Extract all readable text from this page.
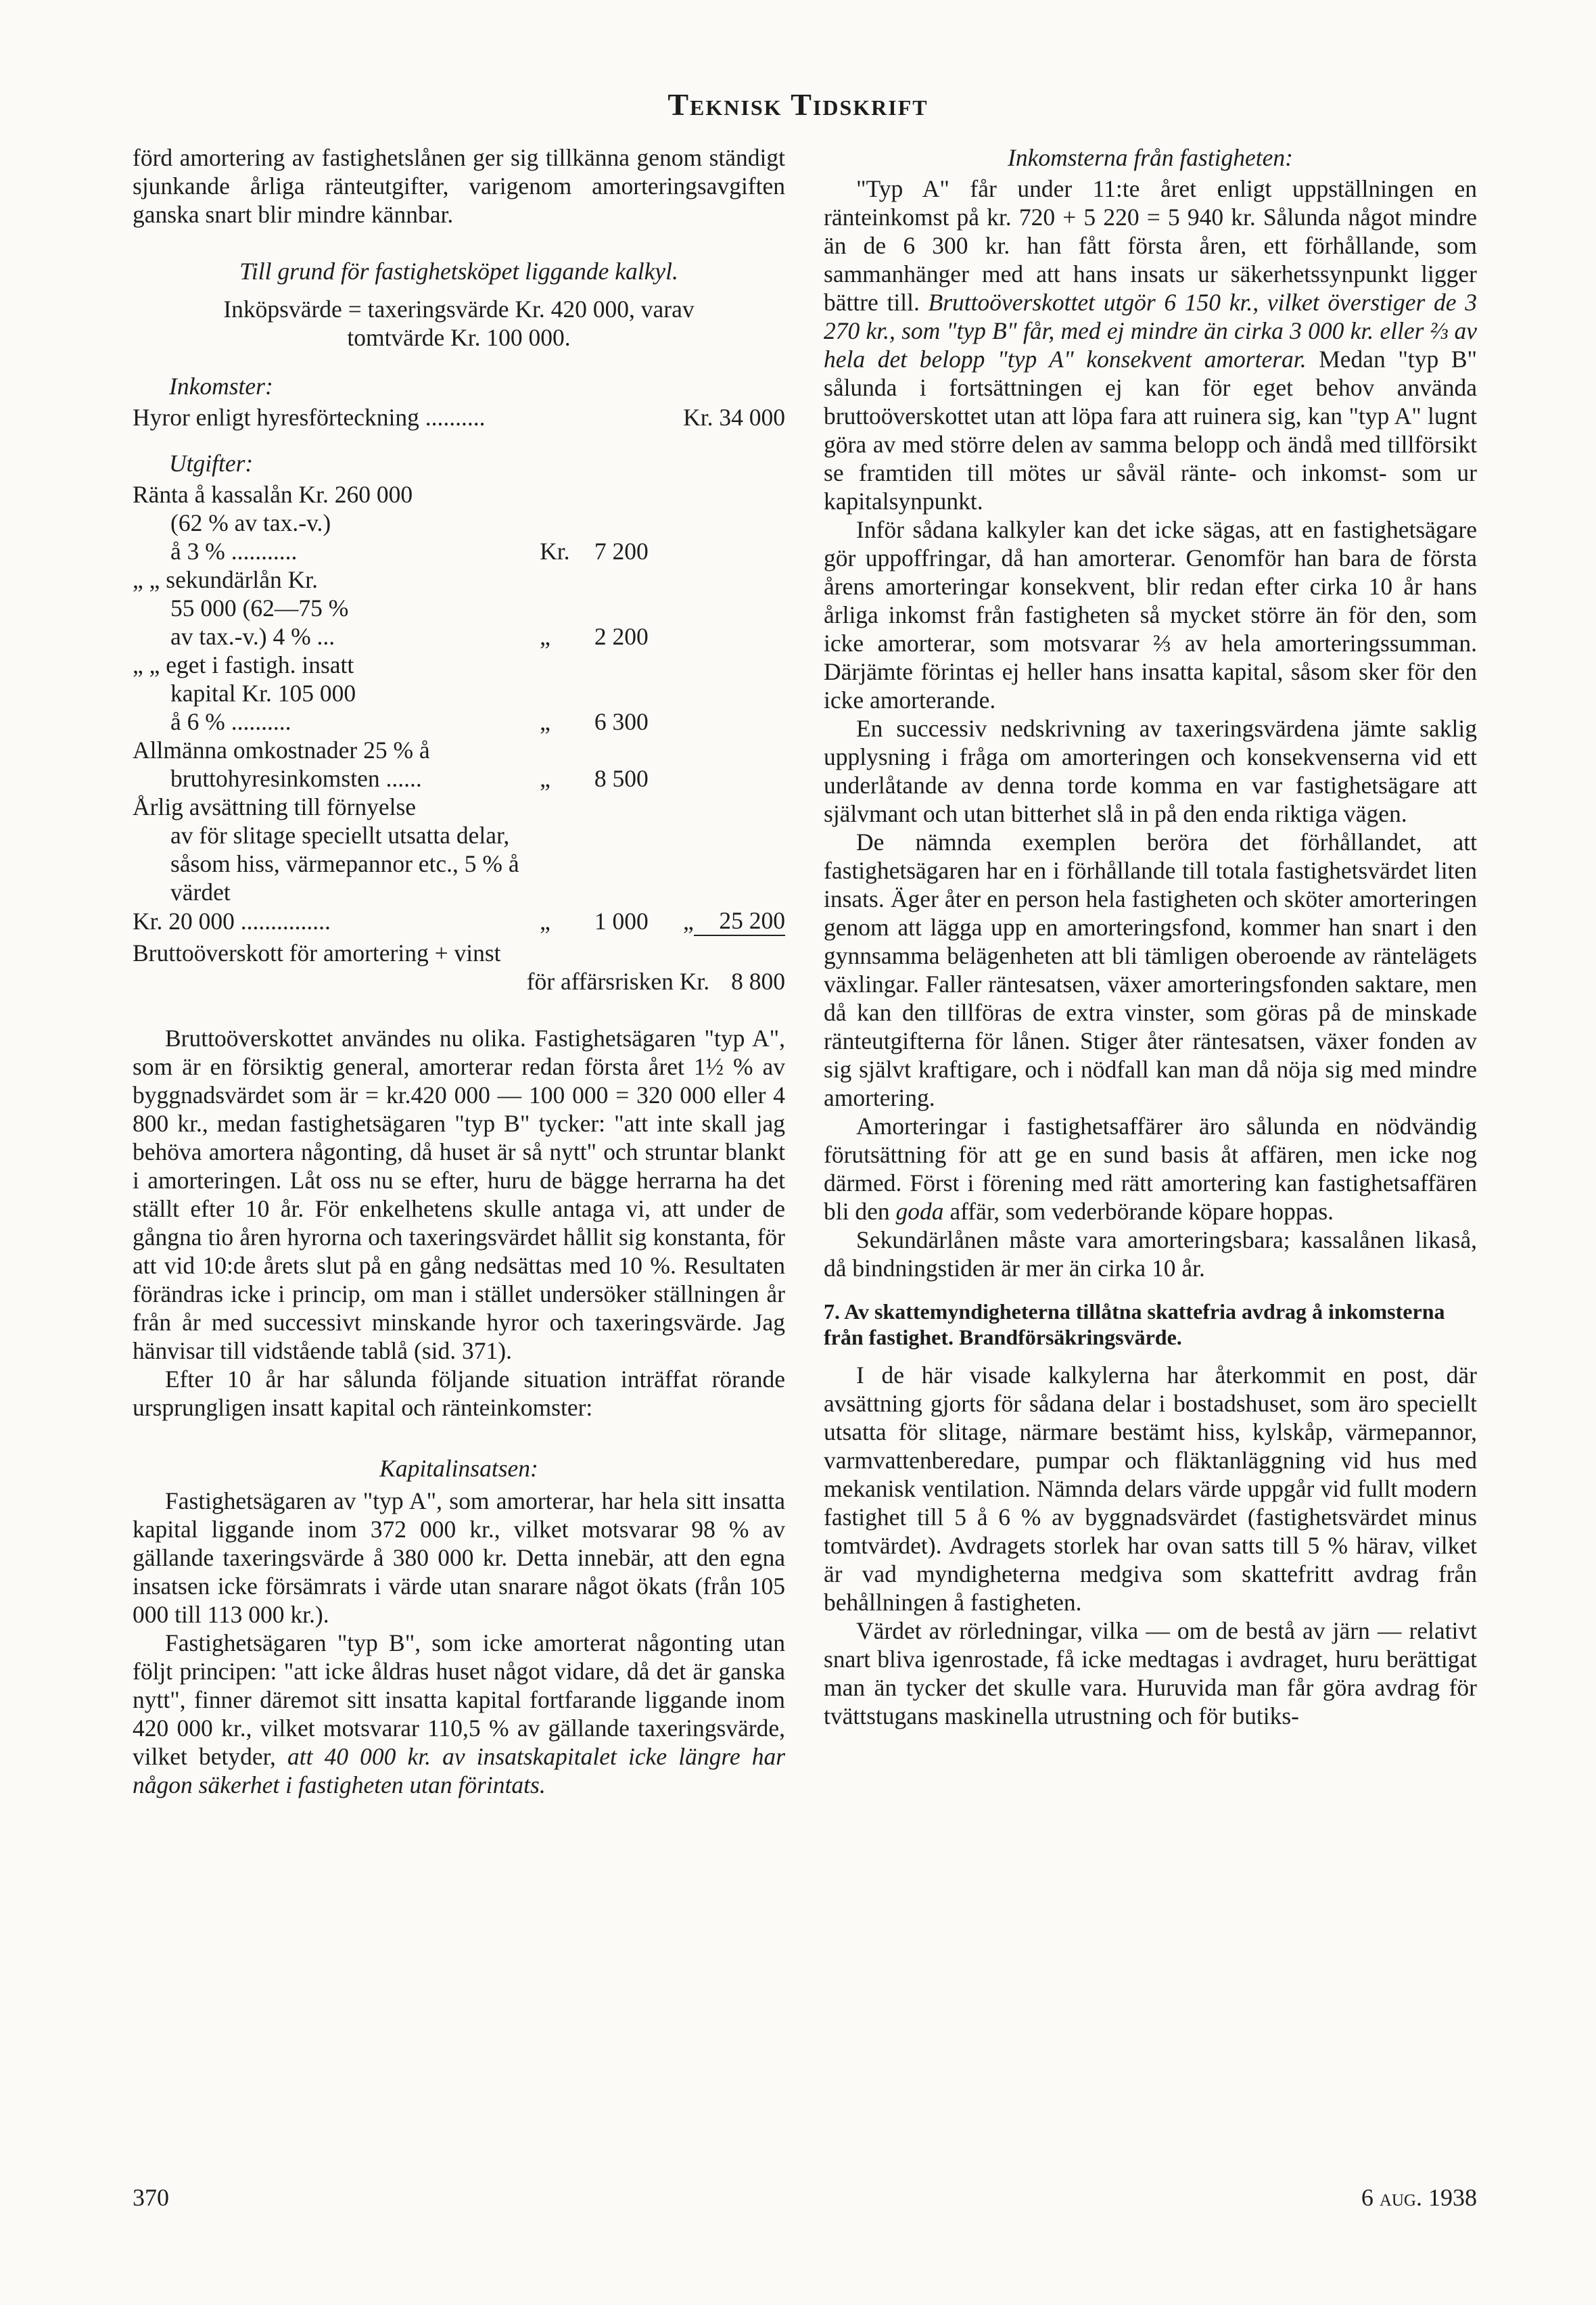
Teknisk Tidskrift

förd amortering av fastighetslånen ger sig tillkänna genom ständigt sjunkande årliga ränteutgifter, varigenom amorteringsavgiften ganska snart blir mindre kännbar.

Till grund för fastighetsköpet liggande kalkyl.
Inköpsvärde = taxeringsvärde Kr. 420 000, varav
tomtvärde Kr. 100 000.
Inkomster:
Hyror enligt hyresförteckning ..........	Kr. 34 000
Utgifter:
Ränta å kassalån Kr. 260 000				
(62 % av tax.-v.)				
å 3 % ...........	Kr.	7 200		
„ „ sekundärlån Kr.				
55 000 (62—75 %				
av tax.-v.) 4 % ...	„	2 200		
„ „ eget i fastigh. insatt				
kapital Kr. 105 000				
å 6 % ..........	„	6 300		
Allmänna omkostnader 25 % å				
bruttohyresinkomsten ......	„	8 500		
Årlig avsättning till förnyelse				
av för slitage speciellt utsatta delar, såsom hiss, värmepannor etc., 5 % å värdet				
Kr. 20 000 ...............	„	1 000	„	25 200
Bruttoöverskott för amortering + vinst
för affärsrisken Kr. 8 800

Bruttoöverskottet användes nu olika. Fastighetsägaren "typ A", som är en försiktig general, amorterar redan första året 1½ % av byggnadsvärdet som är = kr.420 000 — 100 000 = 320 000 eller 4 800 kr., medan fastighetsägaren "typ B" tycker: "att inte skall jag behöva amortera någonting, då huset är så nytt" och struntar blankt i amorteringen. Låt oss nu se efter, huru de bägge herrarna ha det ställt efter 10 år. För enkelhetens skulle antaga vi, att under de gångna tio åren hyrorna och taxeringsvärdet hållit sig konstanta, för att vid 10:de årets slut på en gång nedsättas med 10 %. Resultaten förändras icke i princip, om man i stället undersöker ställningen år från år med successivt minskande hyror och taxeringsvärde. Jag hänvisar till vidstående tablå (sid. 371).

Efter 10 år har sålunda följande situation inträffat rörande ursprungligen insatt kapital och ränteinkomster:

Kapitalinsatsen:

Fastighetsägaren av "typ A", som amorterar, har hela sitt insatta kapital liggande inom 372 000 kr., vilket motsvarar 98 % av gällande taxeringsvärde å 380 000 kr. Detta innebär, att den egna insatsen icke försämrats i värde utan snarare något ökats (från 105 000 till 113 000 kr.).

Fastighetsägaren "typ B", som icke amorterat någonting utan följt principen: "att icke åldras huset något vidare, då det är ganska nytt", finner däremot sitt insatta kapital fortfarande liggande inom 420 000 kr., vilket motsvarar 110,5 % av gällande taxeringsvärde, vilket betyder, att 40 000 kr. av insatskapitalet icke längre har någon säkerhet i fastigheten utan förintats.

Inkomsterna från fastigheten:

"Typ A" får under 11:te året enligt uppställningen en ränteinkomst på kr. 720 + 5 220 = 5 940 kr. Sålunda något mindre än de 6 300 kr. han fått första åren, ett förhållande, som sammanhänger med att hans insats ur säkerhetssynpunkt ligger bättre till. Bruttoöverskottet utgör 6 150 kr., vilket överstiger de 3 270 kr., som "typ B" får, med ej mindre än cirka 3 000 kr. eller ⅔ av hela det belopp "typ A" konsekvent amorterar. Medan "typ B" sålunda i fortsättningen ej kan för eget behov använda bruttoöverskottet utan att löpa fara att ruinera sig, kan "typ A" lugnt göra av med större delen av samma belopp och ändå med tillförsikt se framtiden till mötes ur såväl ränte- och inkomst- som ur kapitalsynpunkt.

Inför sådana kalkyler kan det icke sägas, att en fastighetsägare gör uppoffringar, då han amorterar. Genomför han bara de första årens amorteringar konsekvent, blir redan efter cirka 10 år hans årliga inkomst från fastigheten så mycket större än för den, som icke amorterar, som motsvarar ⅔ av hela amorteringssumman. Därjämte förintas ej heller hans insatta kapital, såsom sker för den icke amorterande.

En successiv nedskrivning av taxeringsvärdena jämte saklig upplysning i fråga om amorteringen och konsekvenserna vid ett underlåtande av denna torde komma en var fastighetsägare att självmant och utan bitterhet slå in på den enda riktiga vägen.

De nämnda exemplen beröra det förhållandet, att fastighetsägaren har en i förhållande till totala fastighetsvärdet liten insats. Äger åter en person hela fastigheten och sköter amorteringen genom att lägga upp en amorteringsfond, kommer han snart i den gynnsamma belägenheten att bli tämligen oberoende av räntelägets växlingar. Faller räntesatsen, växer amorteringsfonden saktare, men då kan den tillföras de extra vinster, som göras på de minskade ränteutgifterna för lånen. Stiger åter räntesatsen, växer fonden av sig självt kraftigare, och i nödfall kan man då nöja sig med mindre amortering.

Amorteringar i fastighetsaffärer äro sålunda en nödvändig förutsättning för att ge en sund basis åt affären, men icke nog därmed. Först i förening med rätt amortering kan fastighetsaffären bli den goda affär, som vederbörande köpare hoppas.

Sekundärlånen måste vara amorteringsbara; kassalånen likaså, då bindningstiden är mer än cirka 10 år.

7. Av skattemyndigheterna tillåtna skattefria avdrag å inkomsterna från fastighet. Brandförsäkringsvärde.

I de här visade kalkylerna har återkommit en post, där avsättning gjorts för sådana delar i bostadshuset, som äro speciellt utsatta för slitage, närmare bestämt hiss, kylskåp, värmepannor, varmvattenberedare, pumpar och fläktanläggning vid hus med mekanisk ventilation. Nämnda delars värde uppgår vid fullt modern fastighet till 5 å 6 % av byggnadsvärdet (fastighetsvärdet minus tomtvärdet). Avdragets storlek har ovan satts till 5 % härav, vilket är vad myndigheterna medgiva som skattefritt avdrag från behållningen å fastigheten.

Värdet av rörledningar, vilka — om de bestå av järn — relativt snart bliva igenrostade, få icke medtagas i avdraget, huru berättigat man än tycker det skulle vara. Huruvida man får göra avdrag för tvättstugans maskinella utrustning och för butiks-

370	6 aug. 1938
